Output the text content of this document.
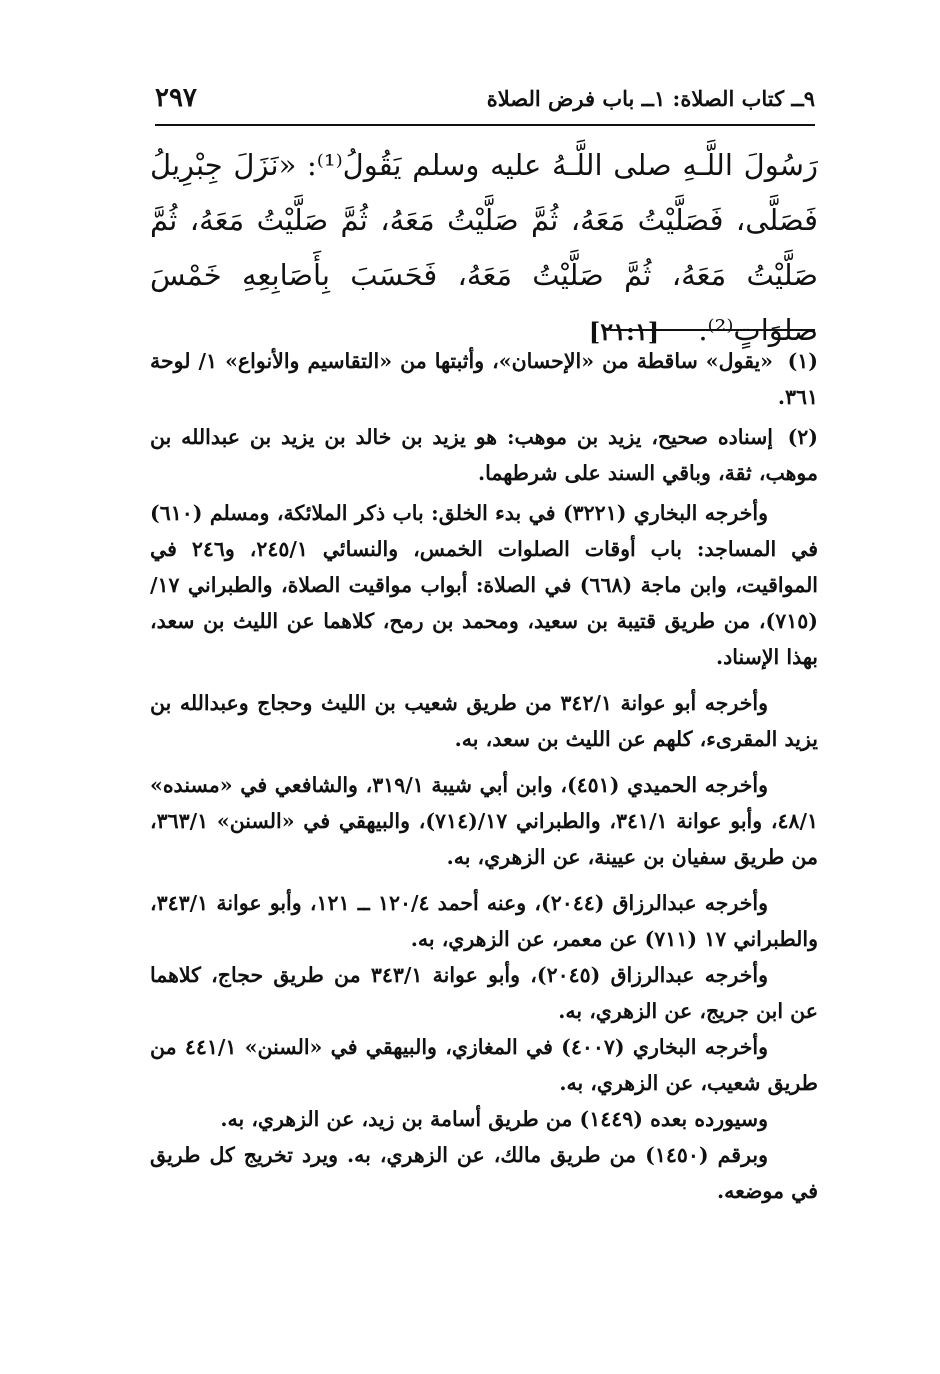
٩ــ كتاب الصلاة: ١ــ باب فرض الصلاة
٢٩٧
رَسُولَ اللَّـهِ صلى اللَّـهُ عليه وسلم يَقُولُ⁽¹⁾: «نَزَلَ جِبْرِيلُ فَصَلَّى، فَصَلَّيْتُ مَعَهُ، ثُمَّ صَلَّيْتُ مَعَهُ، ثُمَّ صَلَّيْتُ مَعَهُ، ثُمَّ صَلَّيْتُ مَعَهُ، ثُمَّ صَلَّيْتُ مَعَهُ، فَحَسَبَ بِأَصَابِعِهِ خَمْسَ صلوَاتٍ⁽²⁾. [٢١:١]
(١)«يقول» ساقطة من «الإحسان»، وأثبتها من «التقاسيم والأنواع» ١/ لوحة ٣٦١.
(٢)إسناده صحيح، يزيد بن موهب: هو يزيد بن خالد بن يزيد بن عبدالله بن موهب، ثقة، وباقي السند على شرطهما.

وأخرجه البخاري (٣٢٢١) في بدء الخلق: باب ذكر الملائكة، ومسلم (٦١٠) في المساجد: باب أوقات الصلوات الخمس، والنسائي ٢٤٥/١، و٢٤٦ في المواقيت، وابن ماجة (٦٦٨) في الصلاة: أبواب مواقيت الصلاة، والطبراني ١٧/ (٧١٥)، من طريق قتيبة بن سعيد، ومحمد بن رمح، كلاهما عن الليث بن سعد، بهذا الإسناد.

وأخرجه أبو عوانة ٣٤٢/١ من طريق شعيب بن الليث وحجاج وعبدالله بن يزيد المقرىء، كلهم عن الليث بن سعد، به.

وأخرجه الحميدي (٤٥١)، وابن أبي شيبة ٣١٩/١، والشافعي في «مسنده» ٤٨/١، وأبو عوانة ٣٤١/١، والطبراني ١٧/(٧١٤)، والبيهقي في «السنن» ٣٦٣/١، من طريق سفيان بن عيينة، عن الزهري، به.

وأخرجه عبدالرزاق (٢٠٤٤)، وعنه أحمد ١٢٠/٤ ــ ١٢١، وأبو عوانة ٣٤٣/١، والطبراني ١٧ (٧١١) عن معمر، عن الزهري، به.

وأخرجه عبدالرزاق (٢٠٤٥)، وأبو عوانة ٣٤٣/١ من طريق حجاج، كلاهما عن ابن جريج، عن الزهري، به.

وأخرجه البخاري (٤٠٠٧) في المغازي، والبيهقي في «السنن» ٤٤١/١ من طريق شعيب، عن الزهري، به.

وسيورده بعده (١٤٤٩) من طريق أسامة بن زيد، عن الزهري، به.

وبرقم (١٤٥٠) من طريق مالك، عن الزهري، به. ويرد تخريج كل طريق في موضعه.
